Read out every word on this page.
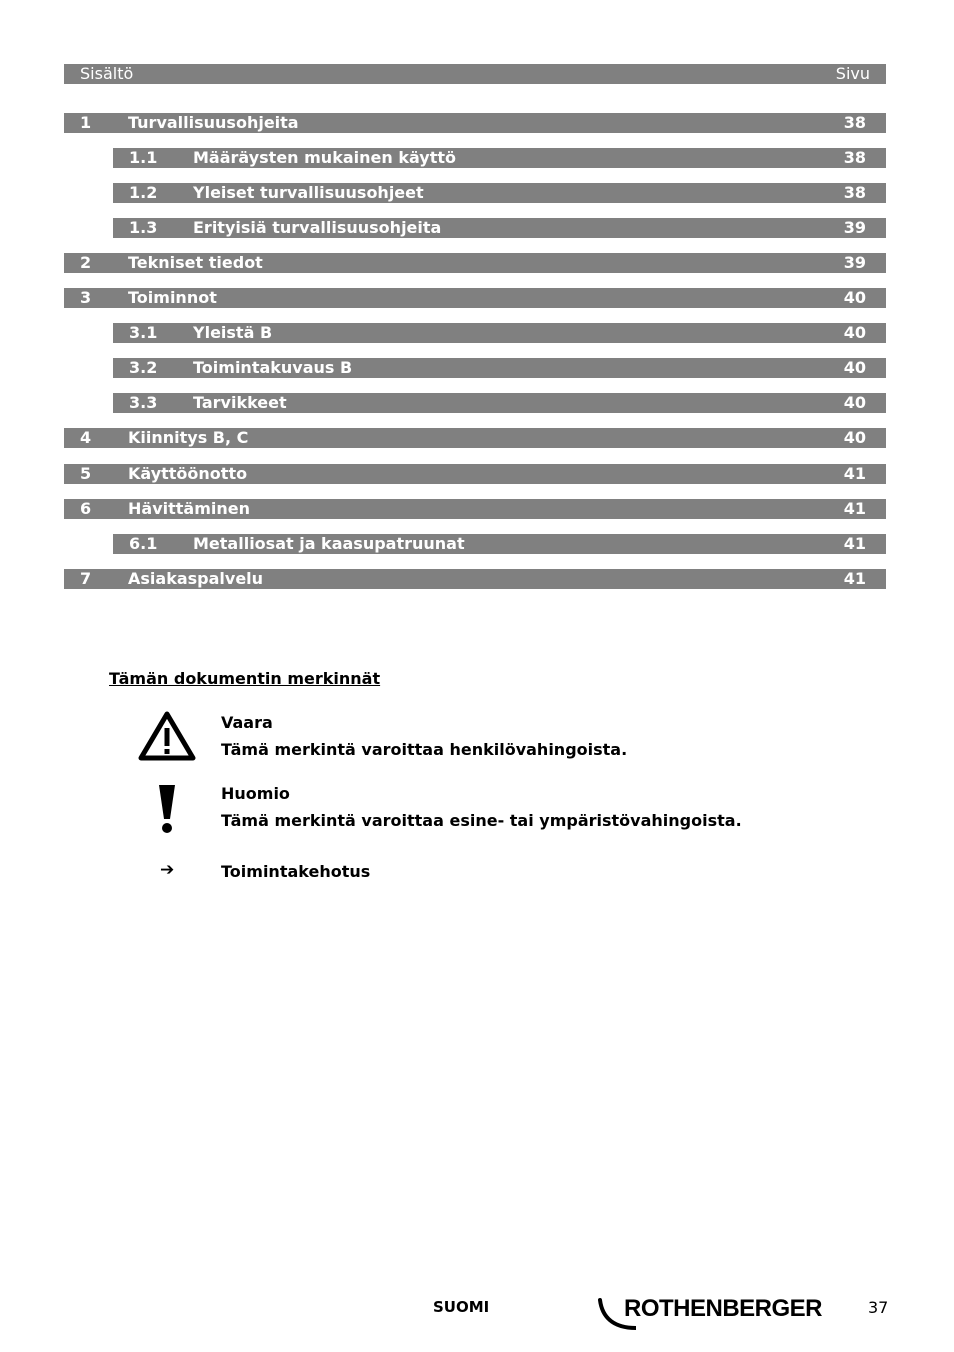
Sisältö	Sivu
1 Turvallisuusohjeita	38
1.1 Määräysten mukainen käyttö	38
1.2 Yleiset turvallisuusohjeet	38
1.3 Erityisiä turvallisuusohjeita	39
2 Tekniset tiedot	39
3 Toiminnot	40
3.1 Yleistä B	40
3.2 Toimintakuvaus B	40
3.3 Tarvikkeet	40
4 Kiinnitys B, C	40
5 Käyttöönotto	41
6 Hävittäminen	41
6.1 Metalliosat ja kaasupatruunat	41
7 Asiakaspalvelu	41
Tämän dokumentin merkinnät
Vaara
Tämä merkintä varoittaa henkilövahingoista.
Huomio
Tämä merkintä varoittaa esine- tai ympäristövahingoista.
➔	Toimintakehotus
SUOMI	ROTHENBERGER	37
